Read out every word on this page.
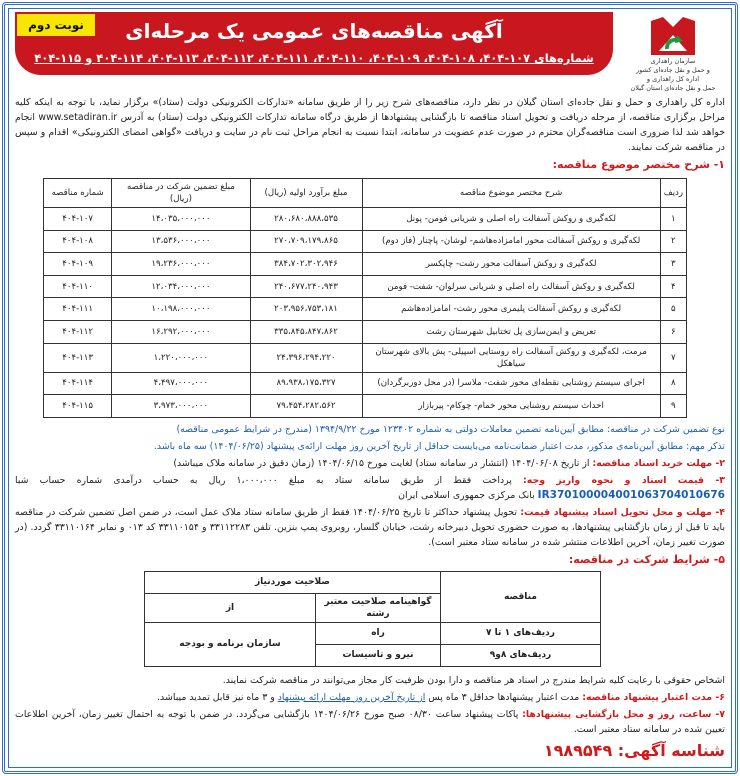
نوبت دوم	آگهی مناقصه‌های عمومی یک مرحله‌ای
شماره‌های ۱۰۷-۴۰۴، ۱۰۸-۴۰۴، ۱۰۹-۴۰۴، ۱۱۰-۴۰۴، ۱۱۱-۴۰۴، ۱۱۲-۴۰۴، ۱۱۳-۴۰۴، ۱۱۴-۴۰۴ و ۱۱۵-۴۰۴	سازمان راهداری
و حمل و نقل جاده‌ای کشور
اداره کل راهداری و
حمل و نقل جاده‌ای استان گیلان
اداره کل راهداری و حمل و نقل جاده‌ای استان گیلان در نظر دارد، مناقصه‌های شرح زیر را از طریق سامانه «تدارکات الکترونیکی دولت (ستاد)» برگزار نماید، با توجه به اینکه کلیه مراحل برگزاری مناقصه، از مرحله دریافت و تحویل اسناد مناقصه تا بازگشایی پیشنهادها از طریق درگاه سامانه تدارکات الکترونیکی دولت (ستاد) به آدرس www.setadiran.ir انجام خواهد شد لذا ضروری است مناقصه‌گران محترم در صورت عدم عضویت در سامانه، ابتدا نسبت به انجام مراحل ثبت نام در سایت و دریافت «گواهی امضای الکترونیکی» اقدام و سپس در مناقصه شرکت نمایند.
۱- شرح مختصر موضوع مناقصه:
ردیف	شرح مختصر موضوع مناقصه	مبلغ برآورد اولیه (ریال)	مبلغ تضمین شرکت در مناقصه (ریال)	شماره مناقصه
۱	لکه‌گیری و روکش آسفالت راه اصلی و شریانی فومن- پونل	۲۸۰،۶۸۰،۸۸۸،۵۳۵	۱۴،۰۳۵،۰۰۰،۰۰۰	۴۰۴-۱۰۷
۲	لکه‌گیری و روکش آسفالت محور امامزاده‌هاشم- لوشان- پاچنار (فاز دوم)	۲۷۰،۷۰۹،۱۷۹،۸۶۵	۱۳،۵۳۶،۰۰۰،۰۰۰	۴۰۴-۱۰۸
۳	لکه‌گیری و روکش آسفالت محور رشت- چاپکسر	۳۸۴،۷۰۲،۳۰۲،۹۴۶	۱۹،۲۳۶،۰۰۰،۰۰۰	۴۰۴-۱۰۹
۴	لکه‌گیری و روکش آسفالت راه اصلی و شریانی سرلوان- شفت- فومن	۲۴۰،۶۷۷،۲۴۰،۹۴۳	۱۲،۰۳۴،۰۰۰،۰۰۰	۴۰۴-۱۱۰
۵	لکه‌گیری و روکش آسفالت پلیمری محور رشت- امامزاده‌هاشم	۲۰۳،۹۵۶،۷۵۳،۱۸۱	۱۰،۱۹۸،۰۰۰،۰۰۰	۴۰۴-۱۱۱
۶	تعریض و ایمن‌سازی پل تختابیل شهرستان رشت	۳۳۵،۸۴۵،۸۴۷،۸۶۲	۱۶،۲۹۲،۰۰۰،۰۰۰	۴۰۴-۱۱۲
۷	مرمت، لکه‌گیری و روکش آسفالت راه روستایی اسپیلی- پش بالای شهرستان سیاهکل	۲۴،۳۹۶،۲۹۴،۲۲۰	۱،۲۲۰،۰۰۰،۰۰۰	۴۰۴-۱۱۳
۸	اجرای سیستم روشنایی نقطه‌ای محور شفت- ملاسرا (در محل دوربرگردان)	۸۹،۹۳۸،۱۷۵،۳۲۷	۴،۴۹۷،۰۰۰،۰۰۰	۴۰۴-۱۱۴
۹	احداث سیستم روشنایی محور خمام- چوکام- پیربازار	۷۹،۴۵۴،۲۸۲،۵۶۲	۳،۹۷۳،۰۰۰،۰۰۰	۴۰۴-۱۱۵
نوع تضمین شرکت در مناقصه: مطابق آیین‌نامه تضمین معاملات دولتی به شماره ۱۲۳۴۰۲ مورخ ۱۳۹۴/۹/۲۲ (مندرج در شرایط عمومی مناقصه)
تذکر مهم: مطابق آیین‌نامه‌ی مذکور، مدت اعتبار ضمانت‌نامه می‌بایست حداقل از تاریخ آخرین روز مهلت ارائه‌ی پیشنهاد (۱۴۰۴/۰۶/۲۵) سه ماه باشد.
۲- مهلت خرید اسناد مناقصه: از تاریخ ۱۴۰۴/۰۶/۰۸ (انتشار در سامانه ستاد) لغایت مورخ ۱۴۰۴/۰۶/۱۵ (زمان دقیق در سامانه ملاک میباشد)
۳- قیمت اسناد و نحوه واریز وجه: پرداخت فقط از طریق سامانه ستاد به مبلغ ۱،۰۰۰،۰۰۰ ریال به حساب درآمدی شماره حساب شبا IR370100004001063704010676 بانک مرکزی جمهوری اسلامی ایران
۴- مهلت و محل تحویل اسناد پیشنهاد قیمت: تحویل پیشنهاد حداکثر تا تاریخ ۱۴۰۴/۰۶/۲۵ فقط از طریق سامانه ستاد ملاک عمل است، در ضمن اصل تضمین شرکت در مناقصه باید تا قبل از زمان بازگشایی پیشنهادها، به صورت حضوری تحویل دبیرخانه رشت، خیابان گلسار، روبروی پمپ بنزین. تلفن ۳۳۱۱۲۲۸۳ و ۳۳۱۱۰۱۵۴ کد ۰۱۳ و نمابر ۳۳۱۱۰۱۶۴ گردد. (در صورت تغییر زمان، آخرین اطلاعات منتشر شده در سامانه ستاد معتبر است).
۵- شرایط شرکت در مناقصه:
مناقصه	صلاحیت موردنیاز	
	گواهینامه صلاحیت معتبر رشته	از
ردیف‌های ۱ تا ۷	راه	سازمان برنامه و بودجه
ردیف‌های ۸و۹	نیرو و تاسیسات	
اشخاص حقوقی با رعایت کلیه شرایط مندرج در اسناد هر مناقصه و دارا بودن ظرفیت کار مجاز می‌توانند در مناقصه شرکت نمایند.
۶- مدت اعتبار پیشنهاد مناقصه: مدت اعتبار پیشنهادها حداقل ۳ ماه پس از تاریخ آخرین روز مهلت ارائه پیشنهاد و ۳ ماه نیز قابل تمدید میباشد.
۷- ساعت، روز و محل بازگشایی پیشنهادها: پاکات پیشنهاد ساعت ۰۸/۳۰ صبح مورخ ۱۴۰۴/۰۶/۲۶ بازگشایی می‌گردد. در ضمن با توجه به احتمال تغییر زمان، آخرین اطلاعات تعیین شده در سامانه ستاد معتبر است.
شناسه آگهی: ۱۹۸۹۵۴۹
